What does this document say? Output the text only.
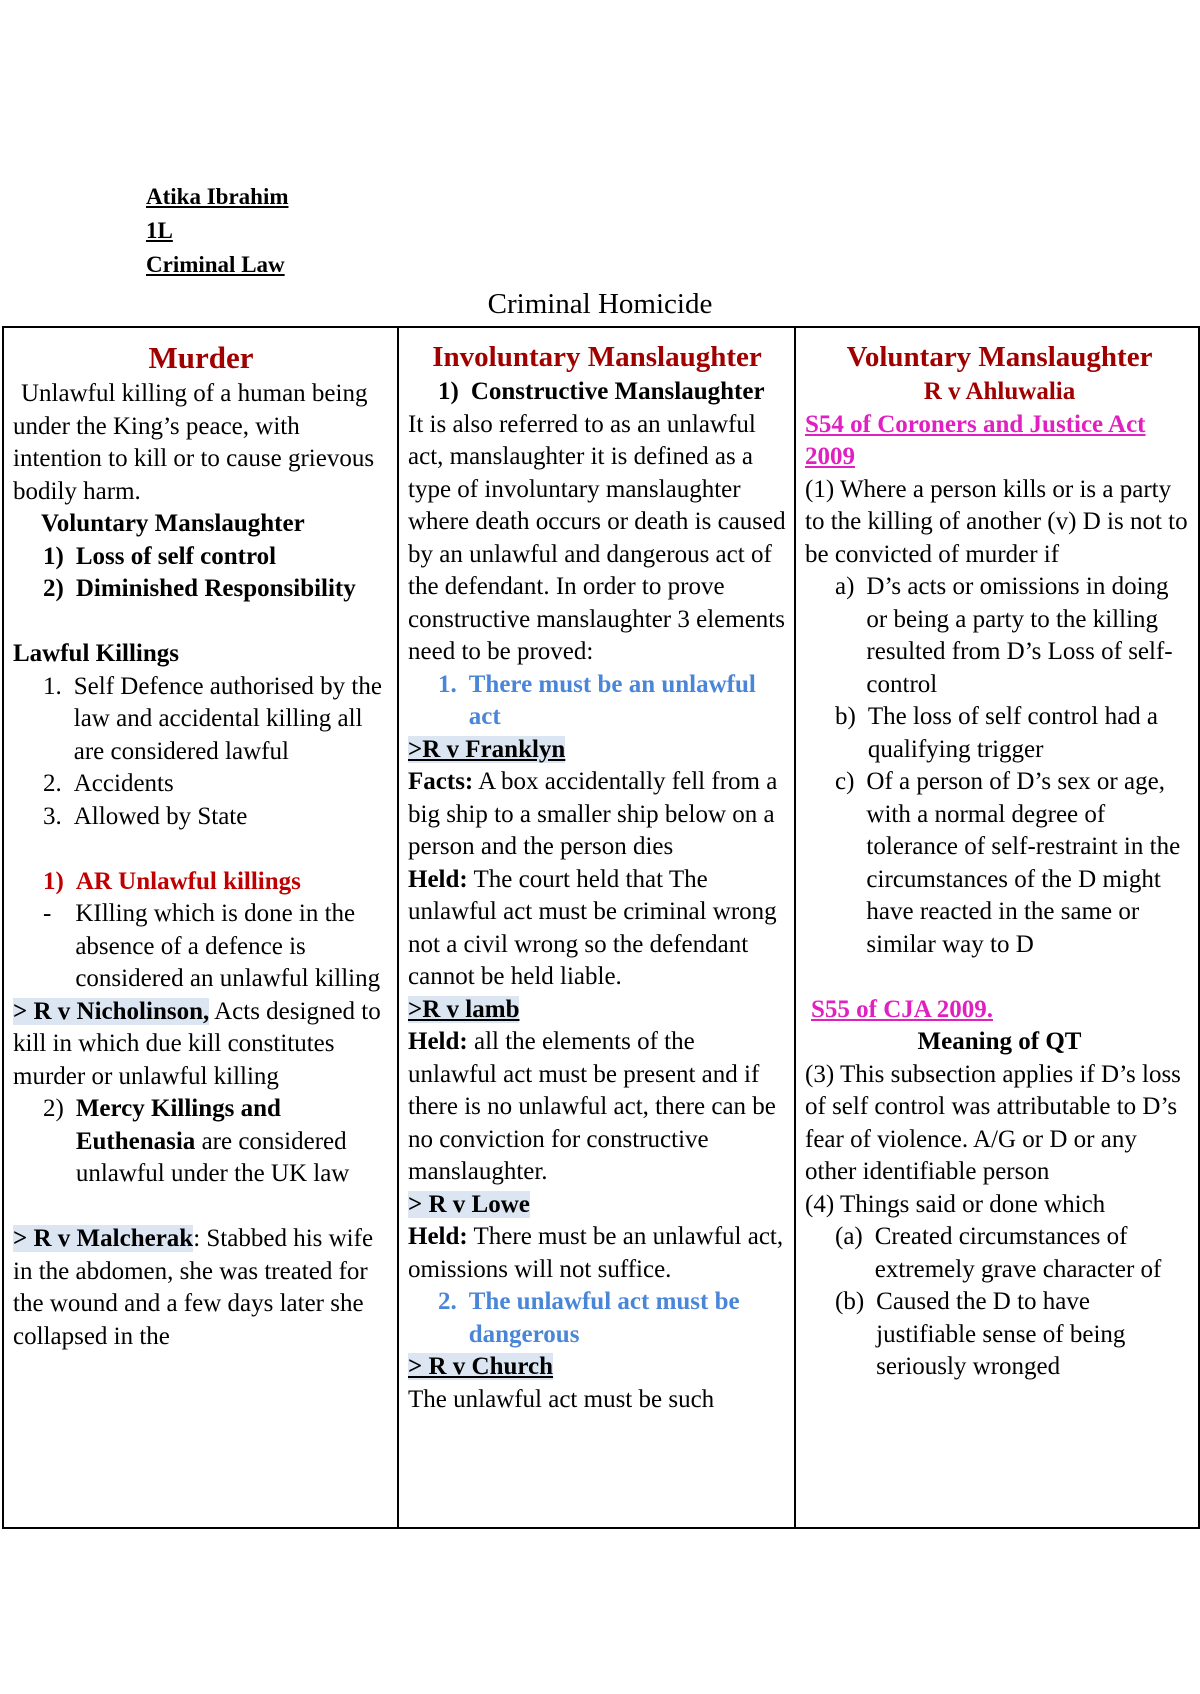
Atika Ibrahim
1L
Criminal Law
Criminal Homicide
Murder
Unlawful killing of a human being under the King’s peace, with intention to kill or to cause grievous bodily harm.
Voluntary Manslaughter
1) Loss of self control
2) Diminished Responsibility
Lawful Killings
1. Self Defence authorised by the law and accidental killing all are considered lawful
2. Accidents
3. Allowed by State
1) AR Unlawful killings
- KIlling which is done in the absence of a defence is considered an unlawful killing
> R v Nicholinson, Acts designed to kill in which due kill constitutes murder or unlawful killing
2) Mercy Killings and Euthenasia are considered unlawful under the UK law
> R v Malcherak: Stabbed his wife in the abdomen, she was treated for the wound and a few days later she collapsed in the
Involuntary Manslaughter
1) Constructive Manslaughter
It is also referred to as an unlawful act, manslaughter it is defined as a type of involuntary manslaughter where death occurs or death is caused by an unlawful and dangerous act of the defendant. In order to prove constructive manslaughter 3 elements need to be proved:
1. There must be an unlawful act
>R v Franklyn
Facts: A box accidentally fell from a big ship to a smaller ship below on a person and the person dies
Held: The court held that The unlawful act must be criminal wrong not a civil wrong so the defendant cannot be held liable.
>R v lamb
Held: all the elements of the unlawful act must be present and if there is no unlawful act, there can be no conviction for constructive manslaughter.
> R v Lowe
Held: There must be an unlawful act, omissions will not suffice.
2. The unlawful act must be dangerous
> R v Church
The unlawful act must be such
Voluntary Manslaughter
R v Ahluwalia
S54 of Coroners and Justice Act 2009
(1) Where a person kills or is a party to the killing of another (v) D is not to be convicted of murder if
a) D’s acts or omissions in doing or being a party to the killing resulted from D’s Loss of self- control
b) The loss of self control had a qualifying trigger
c) Of a person of D’s sex or age, with a normal degree of tolerance of self-restraint in the circumstances of the D might have reacted in the same or similar way to D
S55 of CJA 2009.
Meaning of QT
(3) This subsection applies if D’s loss of self control was attributable to D’s fear of violence. A/G or D or any other identifiable person
(4) Things said or done which
(a) Created circumstances of extremely grave character of
(b) Caused the D to have justifiable sense of being seriously wronged
